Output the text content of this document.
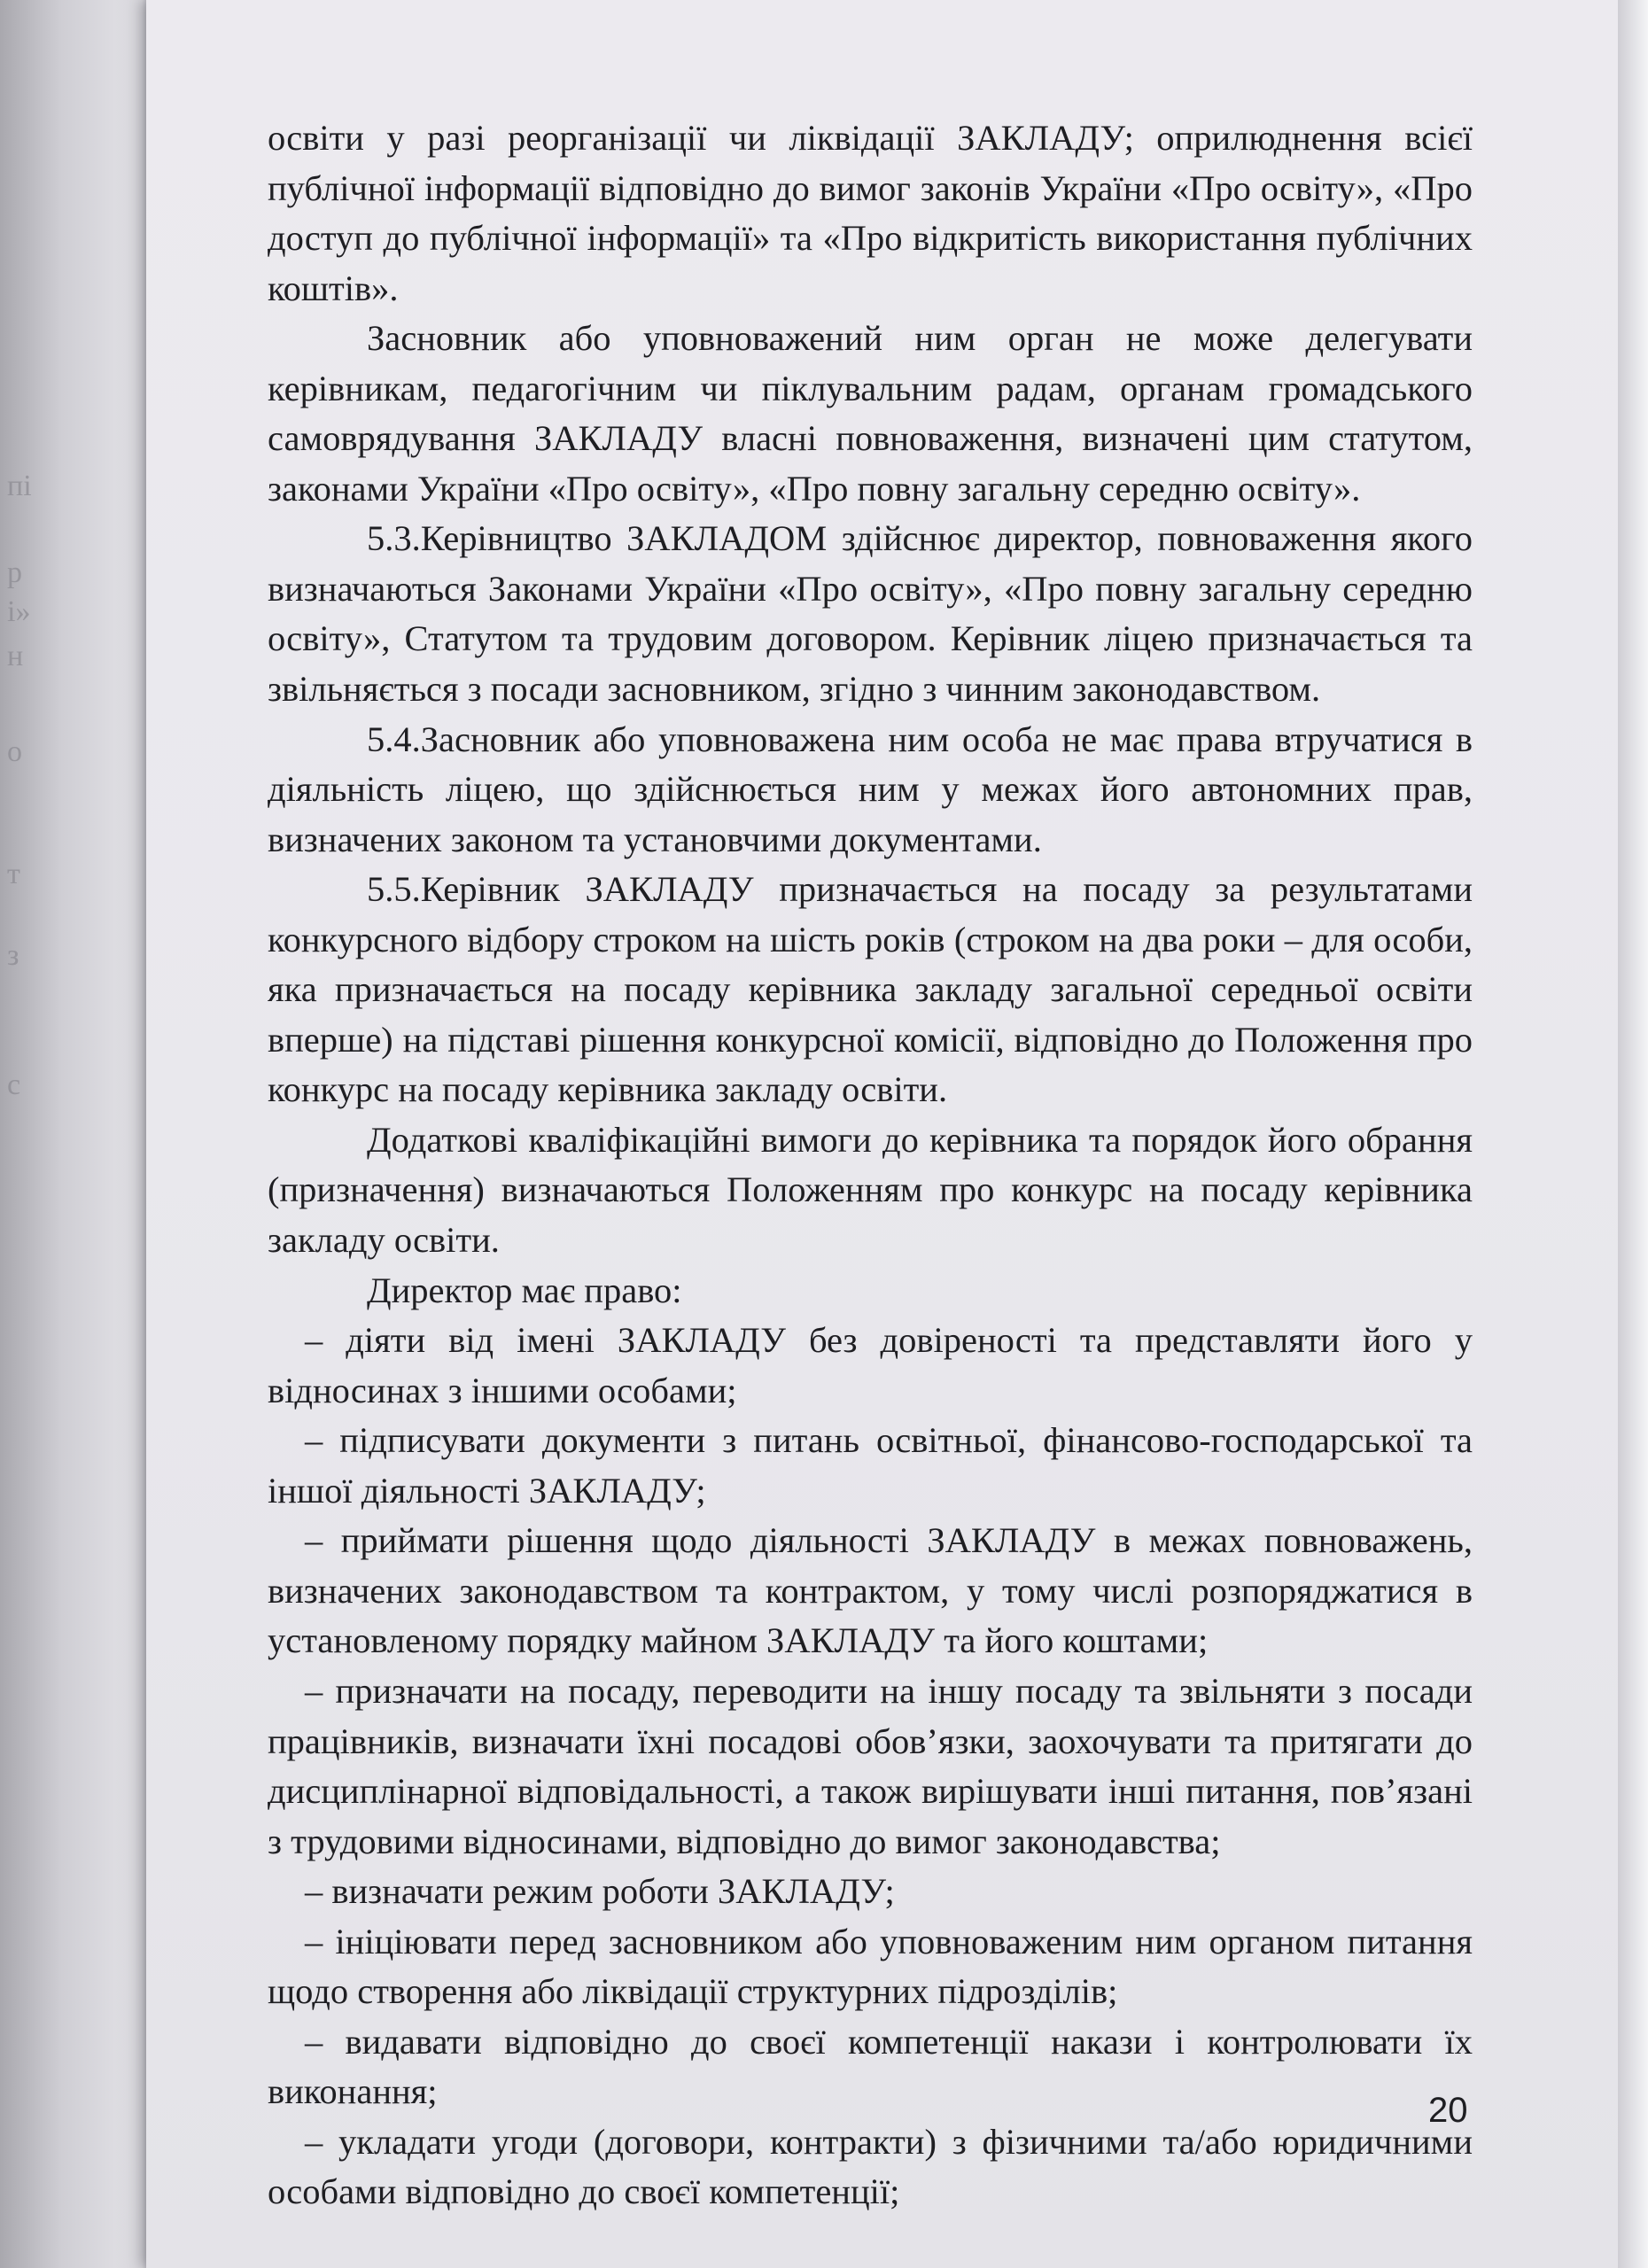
пі
р
і»
н
о
т
з
с

освіти у разі реорганізації чи ліквідації ЗАКЛАДУ; оприлюднення всієї публічної інформації відповідно до вимог законів України «Про освіту», «Про доступ до публічної інформації» та «Про відкритість використання публічних коштів».

Засновник або уповноважений ним орган не може делегувати керівникам, педагогічним чи піклувальним радам, органам громадського самоврядування ЗАКЛАДУ власні повноваження, визначені цим статутом, законами України «Про освіту», «Про повну загальну середню освіту».

5.3.Керівництво ЗАКЛАДОМ здійснює директор, повноваження якого визначаються Законами України «Про освіту», «Про повну загальну середню освіту», Статутом та трудовим договором. Керівник ліцею призначається та звільняється з посади засновником, згідно з чинним законодавством.

5.4.Засновник або уповноважена ним особа не має права втручатися в діяльність ліцею, що здійснюється ним у межах його автономних прав, визначених законом та установчими документами.

5.5.Керівник ЗАКЛАДУ призначається на посаду за результатами конкурсного відбору строком на шість років (строком на два роки – для особи, яка призначається на посаду керівника закладу загальної середньої освіти вперше) на підставі рішення конкурсної комісії, відповідно до Положення про конкурс на посаду керівника закладу освіти.

Додаткові кваліфікаційні вимоги до керівника та порядок його обрання (призначення) визначаються Положенням про конкурс на посаду керівника закладу освіти.

Директор має право:

– діяти від імені ЗАКЛАДУ без довіреності та представляти його у відносинах з іншими особами;

– підписувати документи з питань освітньої, фінансово-господарської та іншої діяльності ЗАКЛАДУ;

– приймати рішення щодо діяльності ЗАКЛАДУ в межах повноважень, визначених законодавством та контрактом, у тому числі розпоряджатися в установленому порядку майном ЗАКЛАДУ та його коштами;

– призначати на посаду, переводити на іншу посаду та звільняти з посади працівників, визначати їхні посадові обов’язки, заохочувати та притягати до дисциплінарної відповідальності, а також вирішувати інші питання, пов’язані з трудовими відносинами, відповідно до вимог законодавства;

– визначати режим роботи ЗАКЛАДУ;

– ініціювати перед засновником або уповноваженим ним органом питання щодо створення або ліквідації структурних підрозділів;

– видавати відповідно до своєї компетенції накази і контролювати їх виконання;

– укладати угоди (договори, контракти) з фізичними та/або юридичними особами відповідно до своєї компетенції;

20
